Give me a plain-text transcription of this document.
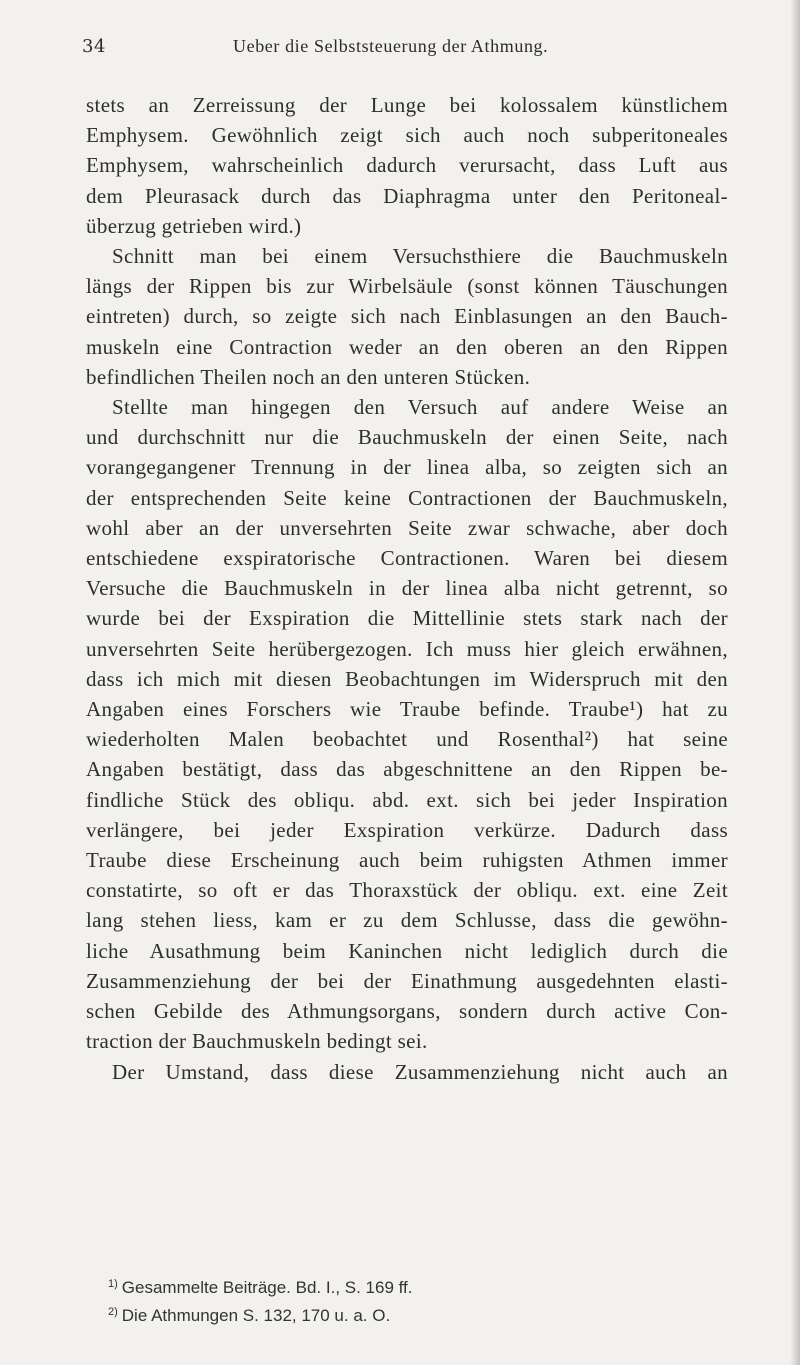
34	Ueber die Selbststeuerung der Athmung.
stets an Zerreissung der Lunge bei kolossalem künstlichem
Emphysem. Gewöhnlich zeigt sich auch noch subperitoneales
Emphysem, wahrscheinlich dadurch verursacht, dass Luft aus
dem Pleurasack durch das Diaphragma unter den Peritoneal-
überzug getrieben wird.)
Schnitt man bei einem Versuchsthiere die Bauchmuskeln
längs der Rippen bis zur Wirbelsäule (sonst können Täuschungen
eintreten) durch, so zeigte sich nach Einblasungen an den Bauch-
muskeln eine Contraction weder an den oberen an den Rippen
befindlichen Theilen noch an den unteren Stücken.
Stellte man hingegen den Versuch auf andere Weise an
und durchschnitt nur die Bauchmuskeln der einen Seite, nach
vorangegangener Trennung in der linea alba, so zeigten sich an
der entsprechenden Seite keine Contractionen der Bauchmuskeln,
wohl aber an der unversehrten Seite zwar schwache, aber doch
entschiedene exspiratorische Contractionen. Waren bei diesem
Versuche die Bauchmuskeln in der linea alba nicht getrennt, so
wurde bei der Exspiration die Mittellinie stets stark nach der
unversehrten Seite herübergezogen. Ich muss hier gleich erwähnen,
dass ich mich mit diesen Beobachtungen im Widerspruch mit den
Angaben eines Forschers wie Traube befinde. Traube¹) hat zu
wiederholten Malen beobachtet und Rosenthal²) hat seine
Angaben bestätigt, dass das abgeschnittene an den Rippen be-
findliche Stück des obliqu. abd. ext. sich bei jeder Inspiration
verlängere, bei jeder Exspiration verkürze. Dadurch dass
Traube diese Erscheinung auch beim ruhigsten Athmen immer
constatirte, so oft er das Thoraxstück der obliqu. ext. eine Zeit
lang stehen liess, kam er zu dem Schlusse, dass die gewöhn-
liche Ausathmung beim Kaninchen nicht lediglich durch die
Zusammenziehung der bei der Einathmung ausgedehnten elasti-
schen Gebilde des Athmungsorgans, sondern durch active Con-
traction der Bauchmuskeln bedingt sei.
Der Umstand, dass diese Zusammenziehung nicht auch an
$^{1)}$ Gesammelte Beiträge. Bd. I., S. 169 ff.
$^{2)}$ Die Athmungen S. 132, 170 u. a. O.
